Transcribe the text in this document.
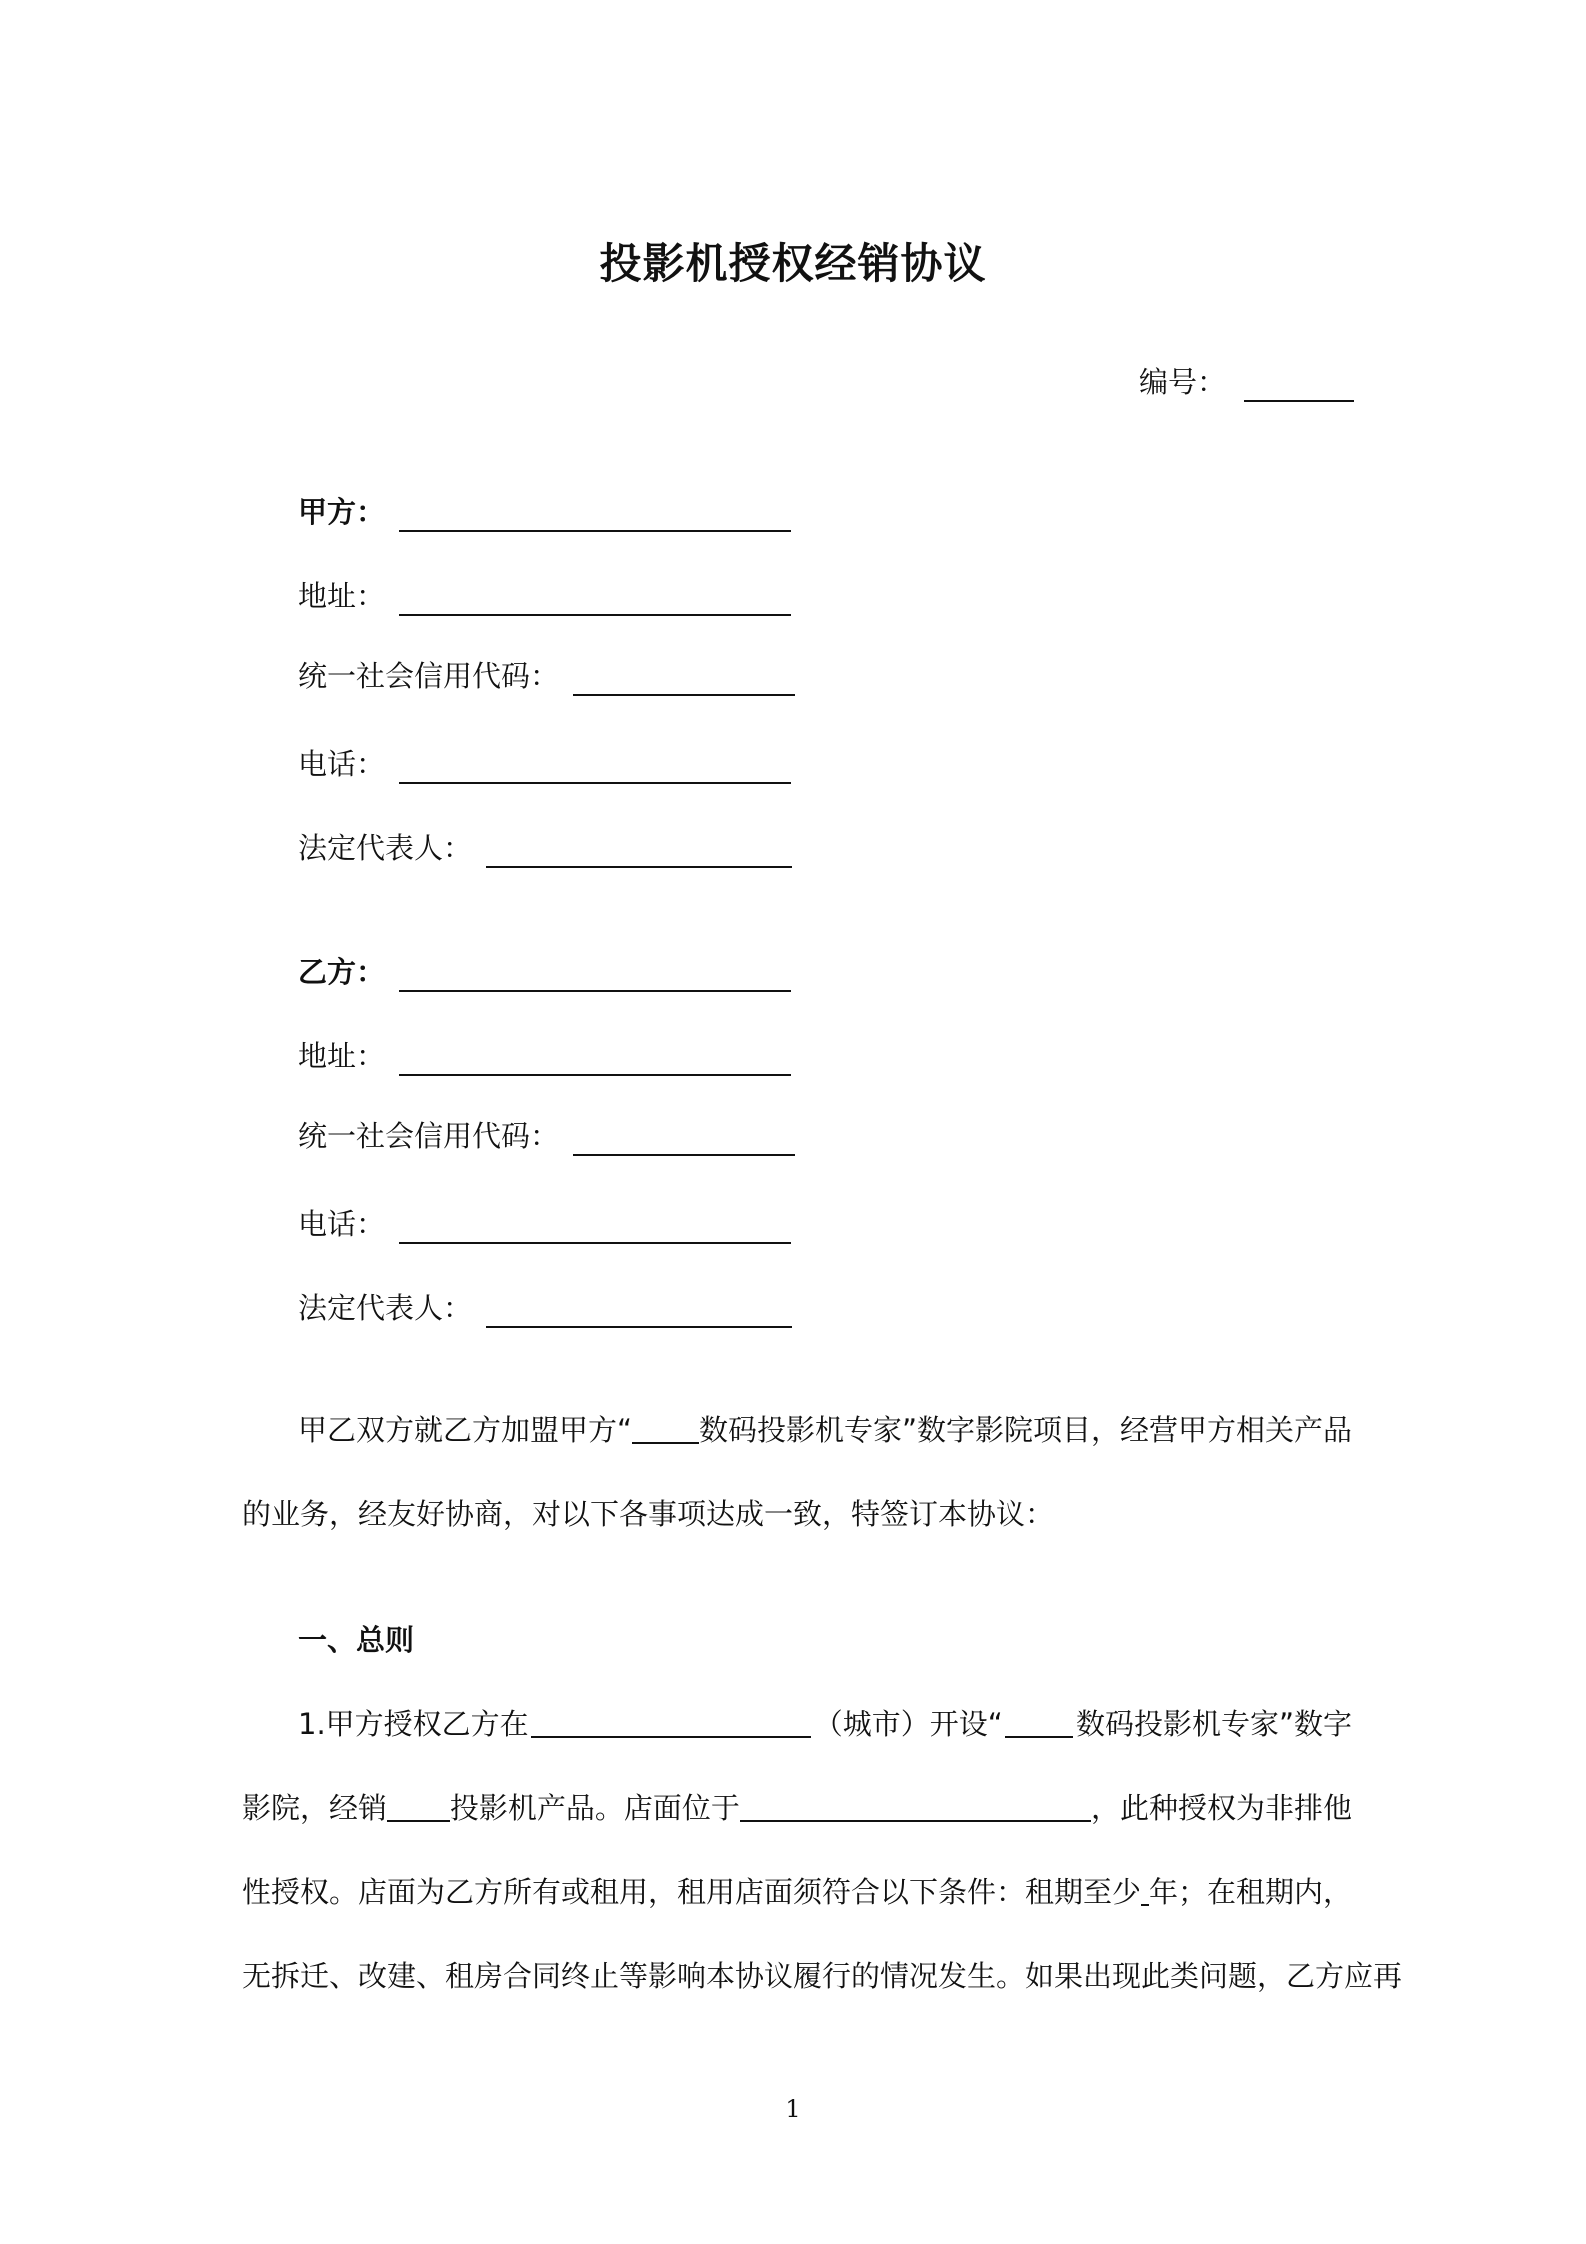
投影机授权经销协议
编号：
甲方：
地址：
统一社会信用代码：
电话：
法定代表人：
乙方：
地址：
统一社会信用代码：
电话：
法定代表人：
甲乙双方就乙方加盟甲方“ 数码投影机专家”数字影院项目，经营甲方相关产品
的业务，经友好协商，对以下各事项达成一致，特签订本协议：
一、总则
1.甲方授权乙方在	（城市）开设“	数码投影机专家”数字
影院，经销 投影机产品。店面位于	，此种授权为非排他
性授权。店面为乙方所有或租用，租用店面须符合以下条件：租期至少 年；在租期内，
无拆迁、改建、租房合同终止等影响本协议履行的情况发生。如果出现此类问题，乙方应再
1
